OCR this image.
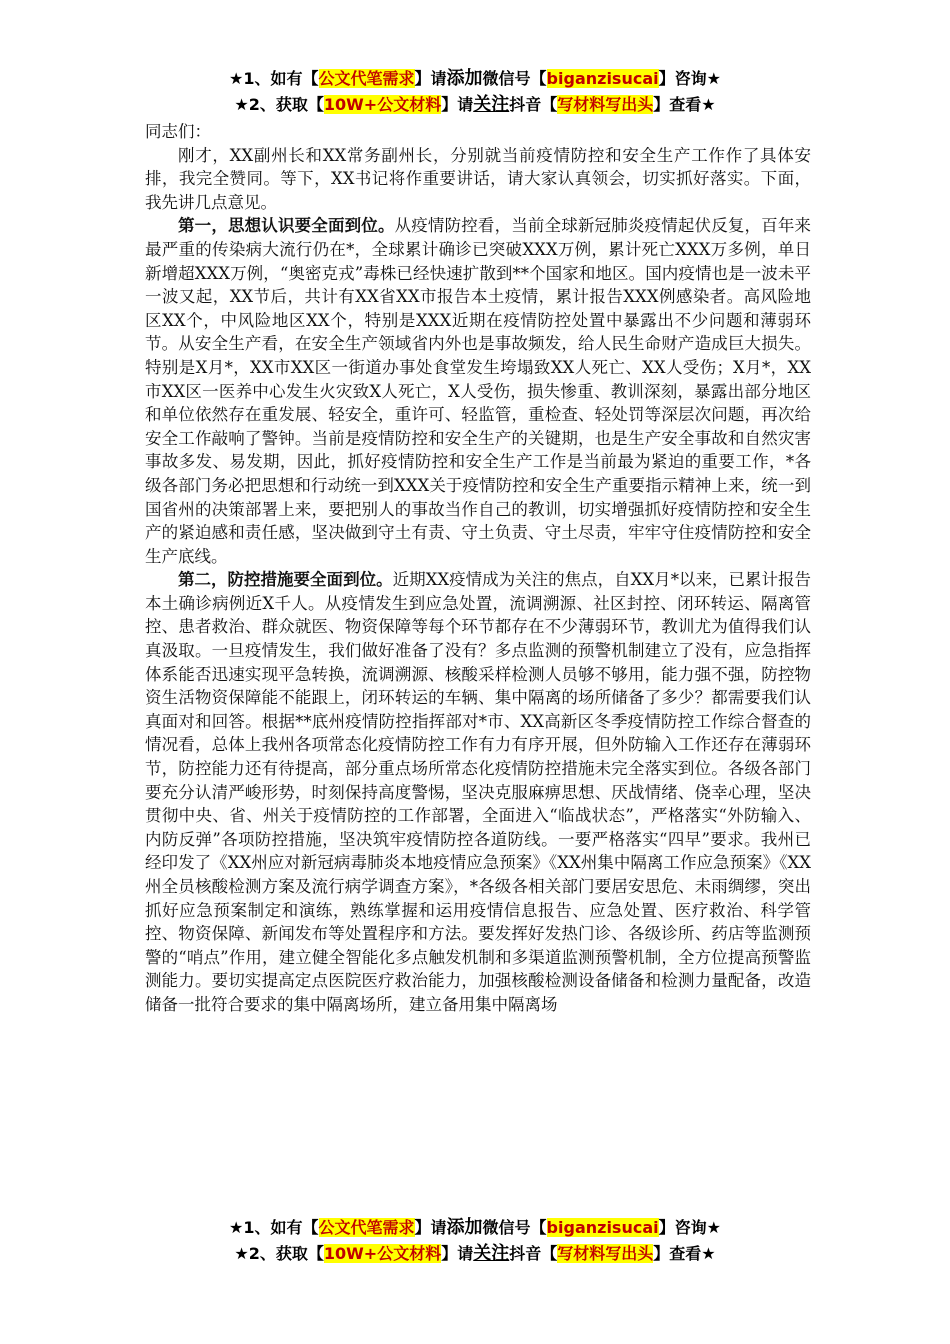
★1、如有【公文代笔需求】请添加微信号【biganzisucai】咨询★
★2、获取【10W+公文材料】请关注抖音【写材料写出头】查看★

同志们：

刚才，XX副州长和XX常务副州长，分别就当前疫情防控和安全生产工作作了具体安排，我完全赞同。等下，XX书记将作重要讲话，请大家认真领会，切实抓好落实。下面，我先讲几点意见。

第一，思想认识要全面到位。从疫情防控看，当前全球新冠肺炎疫情起伏反复，百年来最严重的传染病大流行仍在*，全球累计确诊已突破XXX万例，累计死亡XXX万多例，单日新增超XXX万例，“奥密克戎”毒株已经快速扩散到**个国家和地区。国内疫情也是一波未平一波又起，XX节后，共计有XX省XX市报告本土疫情，累计报告XXX例感染者。高风险地区XX个，中风险地区XX个，特别是XXX近期在疫情防控处置中暴露出不少问题和薄弱环节。从安全生产看，在安全生产领域省内外也是事故频发，给人民生命财产造成巨大损失。特别是X月*，XX市XX区一街道办事处食堂发生垮塌致XX人死亡、XX人受伤；X月*，XX市XX区一医养中心发生火灾致X人死亡，X人受伤，损失惨重、教训深刻，暴露出部分地区和单位依然存在重发展、轻安全，重许可、轻监管，重检查、轻处罚等深层次问题，再次给安全工作敲响了警钟。当前是疫情防控和安全生产的关键期，也是生产安全事故和自然灾害事故多发、易发期，因此，抓好疫情防控和安全生产工作是当前最为紧迫的重要工作，*各级各部门务必把思想和行动统一到XXX关于疫情防控和安全生产重要指示精神上来，统一到国省州的决策部署上来，要把别人的事故当作自己的教训，切实增强抓好疫情防控和安全生产的紧迫感和责任感，坚决做到守土有责、守土负责、守土尽责，牢牢守住疫情防控和安全生产底线。

第二，防控措施要全面到位。近期XX疫情成为关注的焦点，自XX月*以来，已累计报告本土确诊病例近X千人。从疫情发生到应急处置，流调溯源、社区封控、闭环转运、隔离管控、患者救治、群众就医、物资保障等每个环节都存在不少薄弱环节，教训尤为值得我们认真汲取。一旦疫情发生，我们做好准备了没有？多点监测的预警机制建立了没有，应急指挥体系能否迅速实现平急转换，流调溯源、核酸采样检测人员够不够用，能力强不强，防控物资生活物资保障能不能跟上，闭环转运的车辆、集中隔离的场所储备了多少？都需要我们认真面对和回答。根据**底州疫情防控指挥部对*市、XX高新区冬季疫情防控工作综合督查的情况看，总体上我州各项常态化疫情防控工作有力有序开展，但外防输入工作还存在薄弱环节，防控能力还有待提高，部分重点场所常态化疫情防控措施未完全落实到位。各级各部门要充分认清严峻形势，时刻保持高度警惕，坚决克服麻痹思想、厌战情绪、侥幸心理，坚决贯彻中央、省、州关于疫情防控的工作部署，全面进入“临战状态”，严格落实“外防输入、内防反弹”各项防控措施，坚决筑牢疫情防控各道防线。一要严格落实“四早”要求。我州已经印发了《XX州应对新冠病毒肺炎本地疫情应急预案》《XX州集中隔离工作应急预案》《XX州全员核酸检测方案及流行病学调查方案》，*各级各相关部门要居安思危、未雨绸缪，突出抓好应急预案制定和演练，熟练掌握和运用疫情信息报告、应急处置、医疗救治、科学管控、物资保障、新闻发布等处置程序和方法。要发挥好发热门诊、各级诊所、药店等监测预警的“哨点”作用，建立健全智能化多点触发机制和多渠道监测预警机制，全方位提高预警监测能力。要切实提高定点医院医疗救治能力，加强核酸检测设备储备和检测力量配备，改造储备一批符合要求的集中隔离场所，建立备用集中隔离场

★1、如有【公文代笔需求】请添加微信号【biganzisucai】咨询★
★2、获取【10W+公文材料】请关注抖音【写材料写出头】查看★
